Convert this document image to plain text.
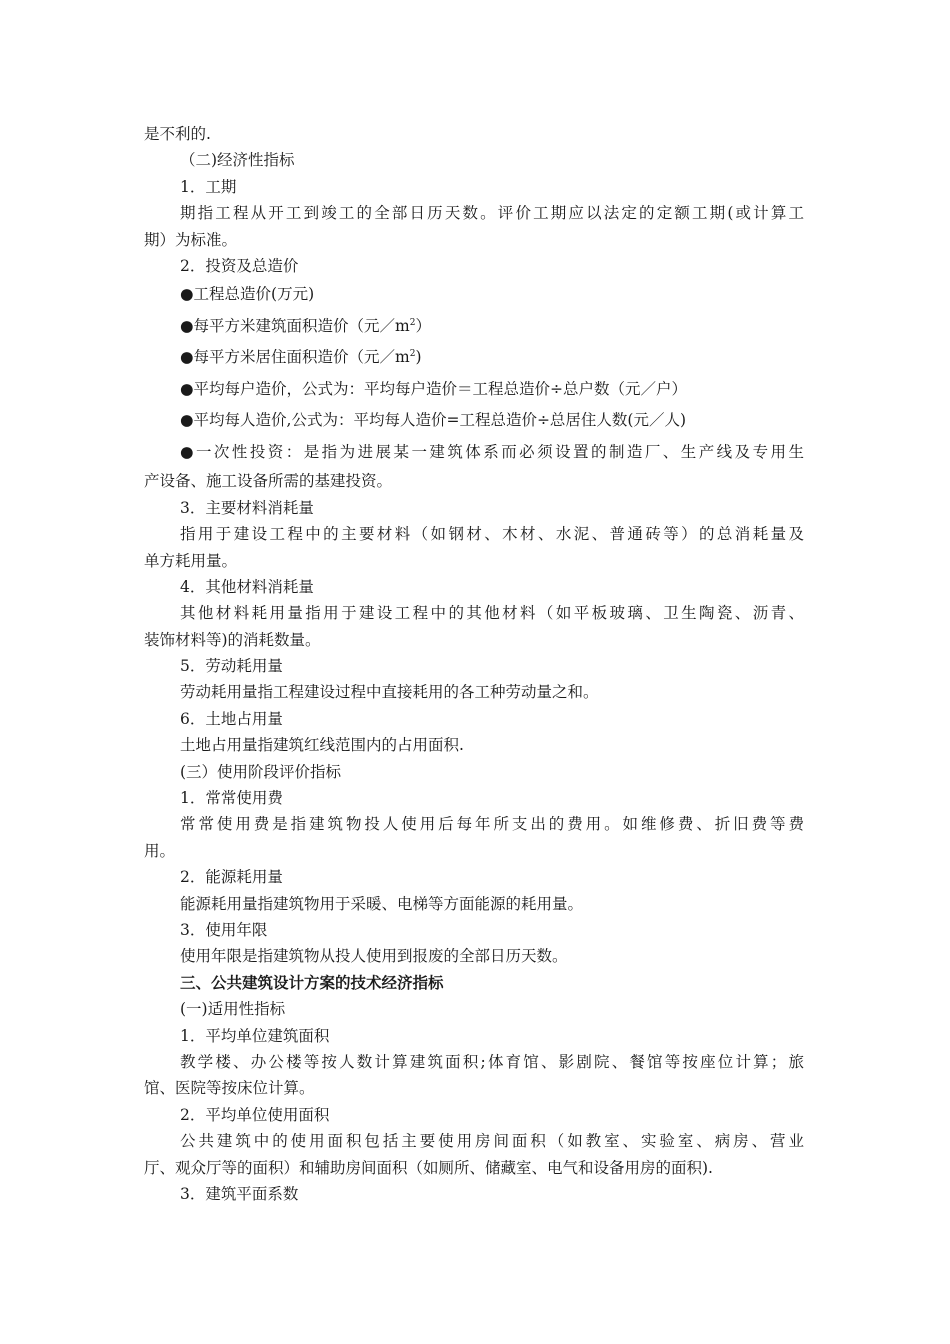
是不利的.
（二)经济性指标
1．工期
期指工程从开工到竣工的全部日历天数。评价工期应以法定的定额工期(或计算工
期）为标准。
2．投资及总造价
●工程总造价(万元)
●每平方米建筑面积造价（元$/m^2$）
●每平方米居住面积造价（元$/m^2$)
●平均每户造价，公式为：平均每户造价＝工程总造价÷总户数（元／户）
●平均每人造价,公式为：平均每人造价=工程总造价÷总居住人数(元／人)
●一次性投资：是指为进展某一建筑体系而必须设置的制造厂、生产线及专用生
产设备、施工设备所需的基建投资。
3．主要材料消耗量
指用于建设工程中的主要材料（如钢材、木材、水泥、普通砖等）的总消耗量及
单方耗用量。
4．其他材料消耗量
其他材料耗用量指用于建设工程中的其他材料（如平板玻璃、卫生陶瓷、沥青、
装饰材料等)的消耗数量。
5．劳动耗用量
劳动耗用量指工程建设过程中直接耗用的各工种劳动量之和。
6．土地占用量
土地占用量指建筑红线范围内的占用面积.
(三）使用阶段评价指标
1．常常使用费
常常使用费是指建筑物投人使用后每年所支出的费用。如维修费、折旧费等费
用。
2．能源耗用量
能源耗用量指建筑物用于采暖、电梯等方面能源的耗用量。
3．使用年限
使用年限是指建筑物从投人使用到报废的全部日历天数。
三、公共建筑设计方案的技术经济指标
(一)适用性指标
1．平均单位建筑面积
教学楼、办公楼等按人数计算建筑面积;体育馆、影剧院、餐馆等按座位计算；旅
馆、医院等按床位计算。
2．平均单位使用面积
公共建筑中的使用面积包括主要使用房间面积（如教室、实验室、病房、营业
厅、观众厅等的面积）和辅助房间面积（如厕所、储藏室、电气和设备用房的面积).
3．建筑平面系数
